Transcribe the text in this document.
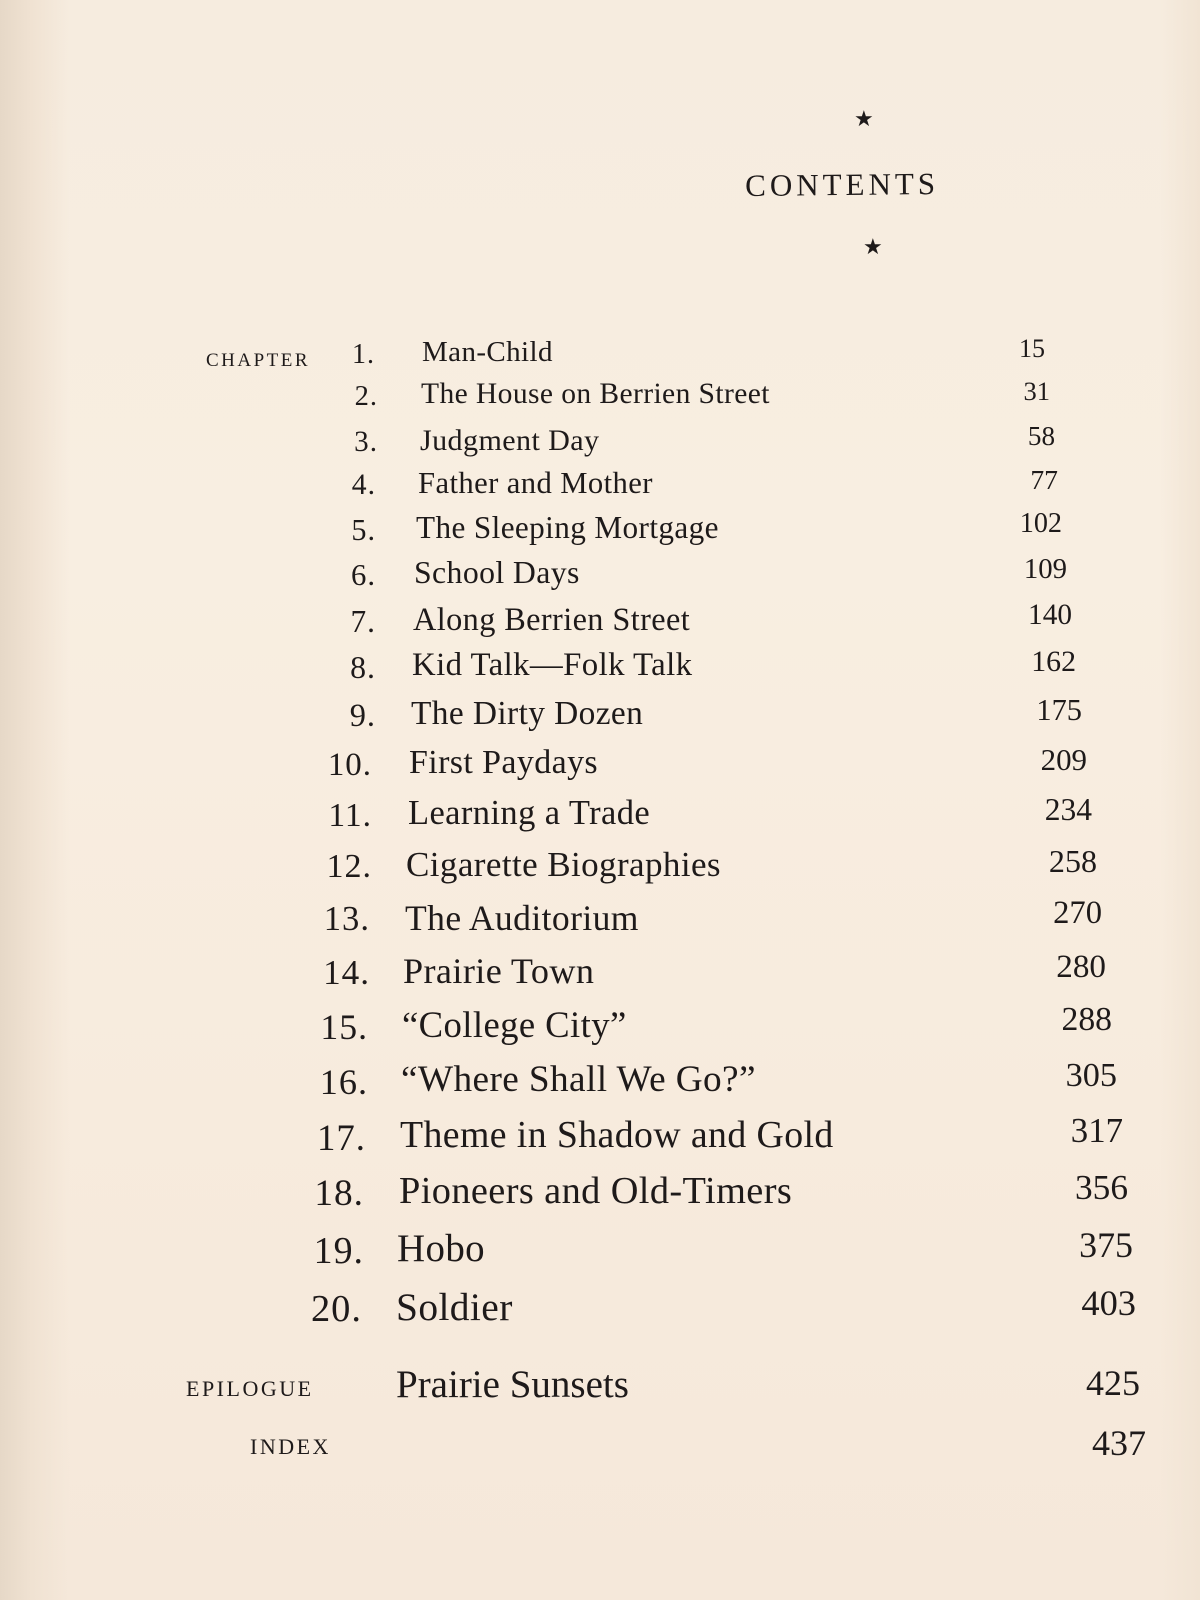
★
CONTENTS
★
CHAPTER
EPILOGUE Prairie Sunsets	425
INDEX	437
1. Man-Child	15
2. The House on Berrien Street	31
3. Judgment Day	58
4. Father and Mother	77
5. The Sleeping Mortgage	102
6. School Days	109
7. Along Berrien Street	140
8. Kid Talk—Folk Talk	162
9. The Dirty Dozen	175
10. First Paydays	209
11. Learning a Trade	234
12. Cigarette Biographies	258
13. The Auditorium	270
14. Prairie Town	280
15. “College City”	288
16. “Where Shall We Go?”	305
17. Theme in Shadow and Gold	317
18. Pioneers and Old-Timers	356
19. Hobo	375
20. Soldier	403
